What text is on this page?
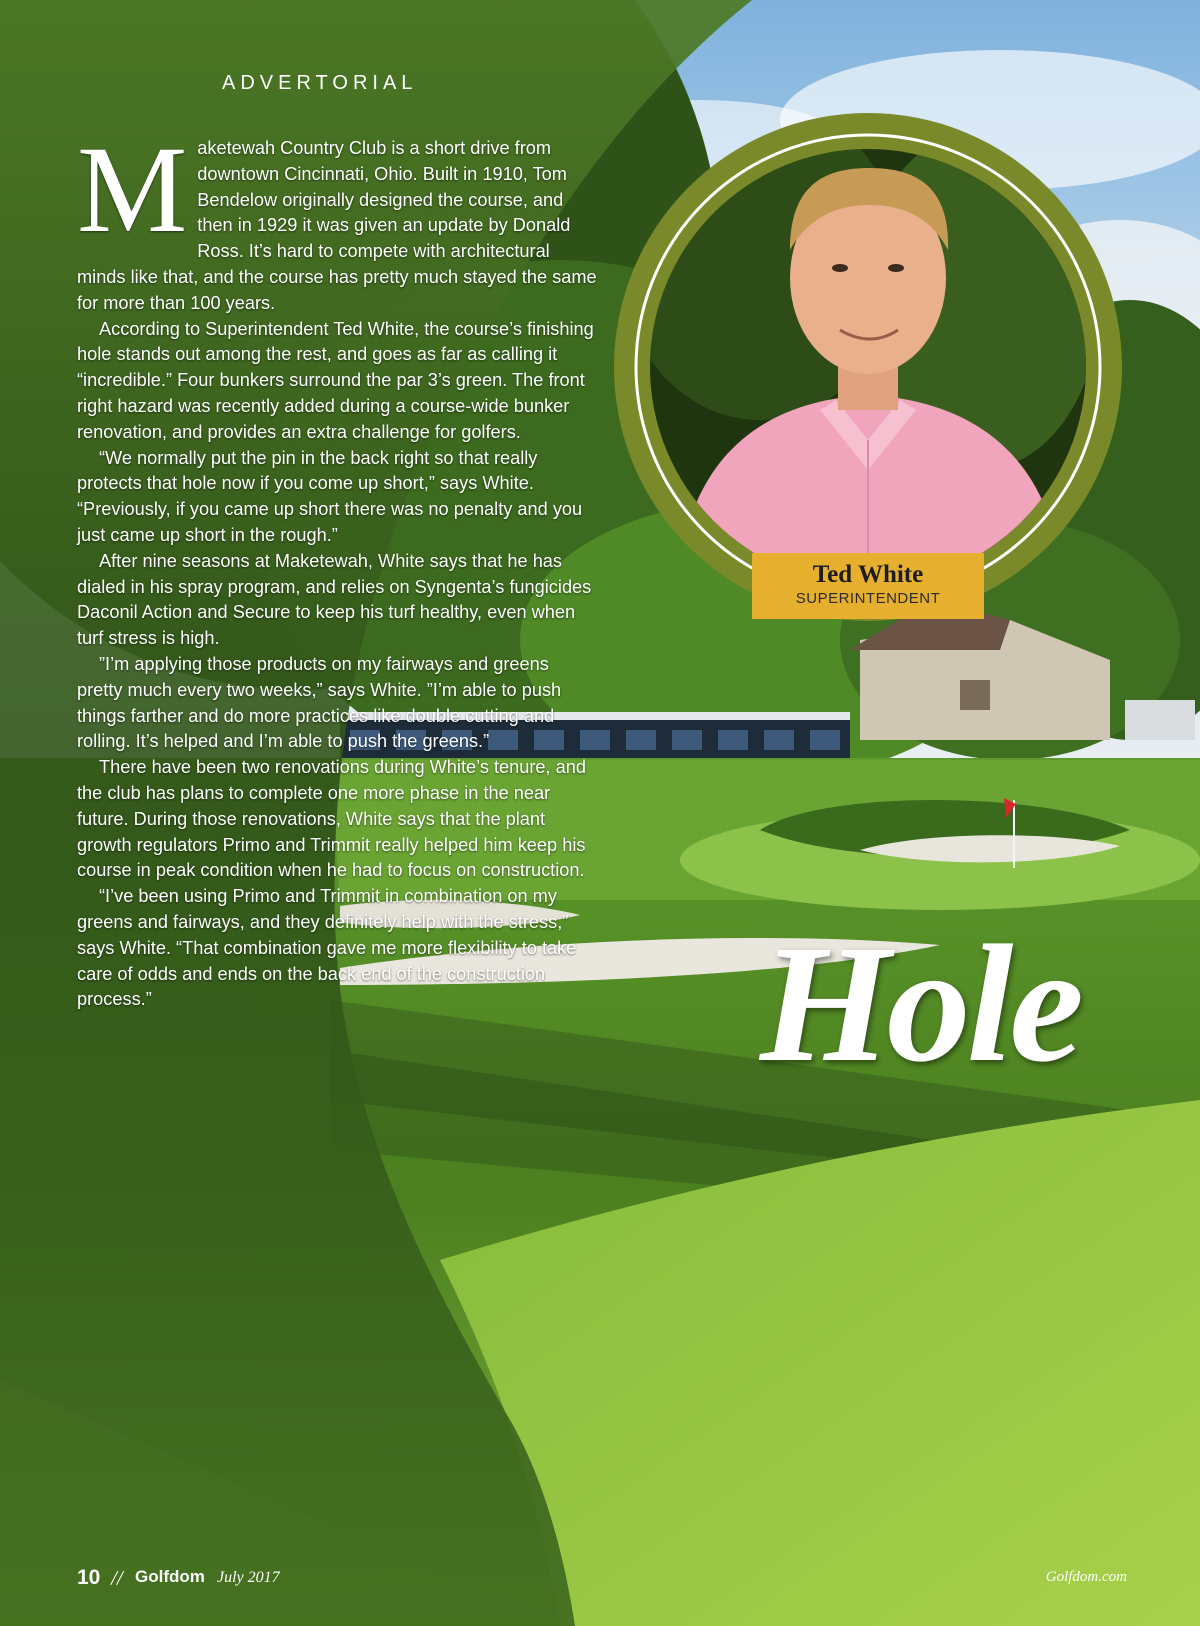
ADVERTORIAL
M aketewah Country Club is a short drive from downtown Cincinnati, Ohio. Built in 1910, Tom Bendelow originally designed the course, and then in 1929 it was given an update by Donald Ross. It’s hard to compete with architectural minds like that, and the course has pretty much stayed the same for more than 100 years.

According to Superintendent Ted White, the course’s finishing hole stands out among the rest, and goes as far as calling it “incredible.” Four bunkers surround the par 3’s green. The front right hazard was recently added during a course-wide bunker renovation, and provides an extra challenge for golfers.

“We normally put the pin in the back right so that really protects that hole now if you come up short,” says White. “Previously, if you came up short there was no penalty and you just came up short in the rough.”

After nine seasons at Maketewah, White says that he has dialed in his spray program, and relies on Syngenta’s fungicides Daconil Action and Secure to keep his turf healthy, even when turf stress is high.

”I’m applying those products on my fairways and greens pretty much every two weeks,” says White. ”I’m able to push things farther and do more practices like double cutting and rolling. It’s helped and I’m able to push the greens.”

There have been two renovations during White’s tenure, and the club has plans to complete one more phase in the near future. During those renovations, White says that the plant growth regulators Primo and Trimmit really helped him keep his course in peak condition when he had to focus on construction.

“I’ve been using Primo and Trimmit in combination on my greens and fairways, and they definitely help with the stress,” says White. “That combination gave me more flexibility to take care of odds and ends on the back end of the construction process.”

Ted White
SUPERINTENDENT
Hole
10 // Golfdom July 2017	Golfdom.com
